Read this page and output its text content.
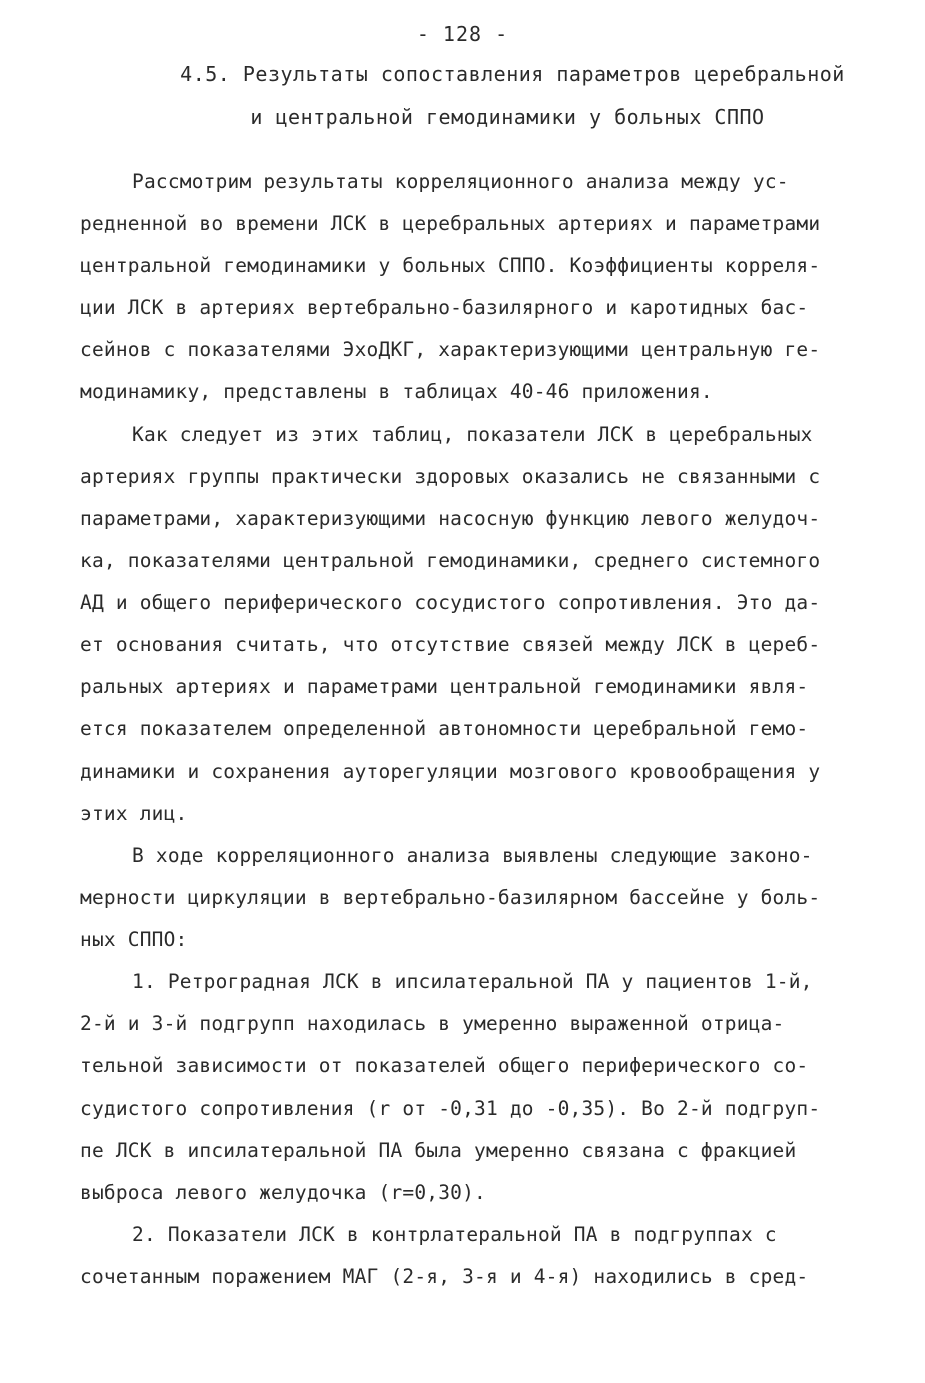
- 128 -
4.5. Результаты сопоставления параметров церебральной
и центральной гемодинамики у больных СППО
Рассмотрим результаты корреляционного анализа между ус-
редненной во времени ЛСК в церебральных артериях и параметрами
центральной гемодинамики у больных СППО. Коэффициенты корреля-
ции ЛСК в артериях вертебрально-базилярного и каротидных бас-
сейнов с показателями ЭхоДКГ, характеризующими центральную ге-
модинамику, представлены в таблицах 40-46 приложения.
Как следует из этих таблиц, показатели ЛСК в церебральных
артериях группы практически здоровых оказались не связанными с
параметрами, характеризующими насосную функцию левого желудоч-
ка, показателями центральной гемодинамики, среднего системного
АД и общего периферического сосудистого сопротивления. Это да-
ет основания считать, что отсутствие связей между ЛСК в цереб-
ральных артериях и параметрами центральной гемодинамики явля-
ется показателем определенной автономности церебральной гемо-
динамики и сохранения ауторегуляции мозгового кровообращения у
этих лиц.
В ходе корреляционного анализа выявлены следующие законо-
мерности циркуляции в вертебрально-базилярном бассейне у боль-
ных СППО:
1. Ретроградная ЛСК в ипсилатеральной ПА у пациентов 1-й,
2-й и 3-й подгрупп находилась в умеренно выраженной отрица-
тельной зависимости от показателей общего периферического со-
судистого сопротивления (r от -0,31 до -0,35). Во 2-й подгруп-
пе ЛСК в ипсилатеральной ПА была умеренно связана с фракцией
выброса левого желудочка (r=0,30).
2. Показатели ЛСК в контрлатеральной ПА в подгруппах с
сочетанным поражением МАГ (2-я, 3-я и 4-я) находились в сред-
